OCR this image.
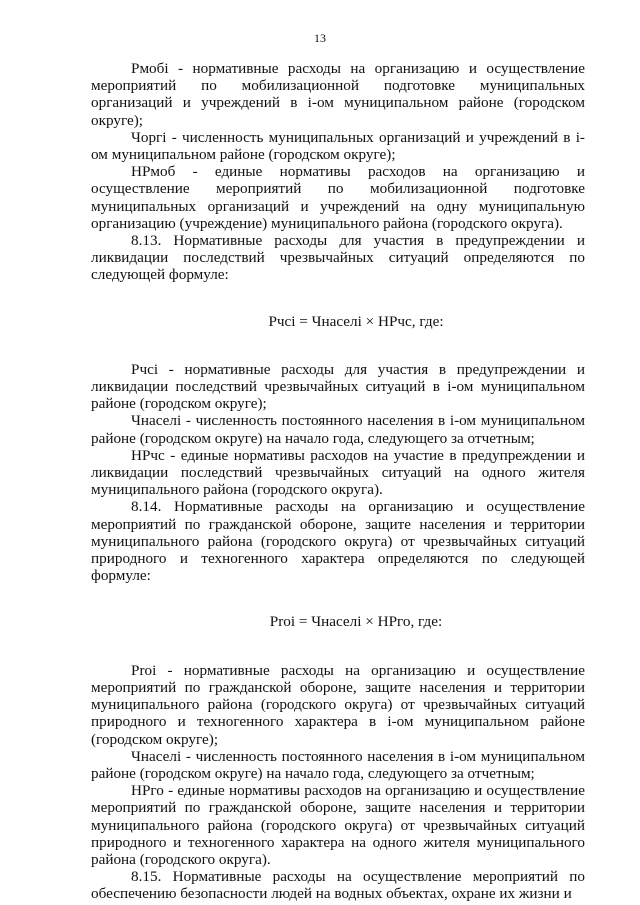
13

Рмобi - нормативные расходы на организацию и осуществление мероприятий по мобилизационной подготовке муниципальных организаций и учреждений в i-ом муниципальном районе (городском округе);

Чоргi - численность муниципальных организаций и учреждений в i-ом муниципальном районе (городском округе);

НРмоб - единые нормативы расходов на организацию и осуществление мероприятий по мобилизационной подготовке муниципальных организаций и учреждений на одну муниципальную организацию (учреждение) муниципального района (городского округа).

8.13. Нормативные расходы для участия в предупреждении и ликвидации последствий чрезвычайных ситуаций определяются по следующей формуле:

Рчсi = Чнаселi × НРчс, где:

Рчсi - нормативные расходы для участия в предупреждении и ликвидации последствий чрезвычайных ситуаций в i-ом муниципальном районе (городском округе);

Чнаселi - численность постоянного населения в i-ом муниципальном районе (городском округе) на начало года, следующего за отчетным;

НРчс - единые нормативы расходов на участие в предупреждении и ликвидации последствий чрезвычайных ситуаций на одного жителя муниципального района (городского округа).

8.14. Нормативные расходы на организацию и осуществление мероприятий по гражданской обороне, защите населения и территории муниципального района (городского округа) от чрезвычайных ситуаций природного и техногенного характера определяются по следующей формуле:

Рroi = Чнаселi × НРго, где:

Рroi - нормативные расходы на организацию и осуществление мероприятий по гражданской обороне, защите населения и территории муниципального района (городского округа) от чрезвычайных ситуаций природного и техногенного характера в i-ом муниципальном районе (городском округе);

Чнаселi - численность постоянного населения в i-ом муниципальном районе (городском округе) на начало года, следующего за отчетным;

НРго - единые нормативы расходов на организацию и осуществление мероприятий по гражданской обороне, защите населения и территории муниципального района (городского округа) от чрезвычайных ситуаций природного и техногенного характера на одного жителя муниципального района (городского округа).

8.15. Нормативные расходы на осуществление мероприятий по обеспечению безопасности людей на водных объектах, охране их жизни и
